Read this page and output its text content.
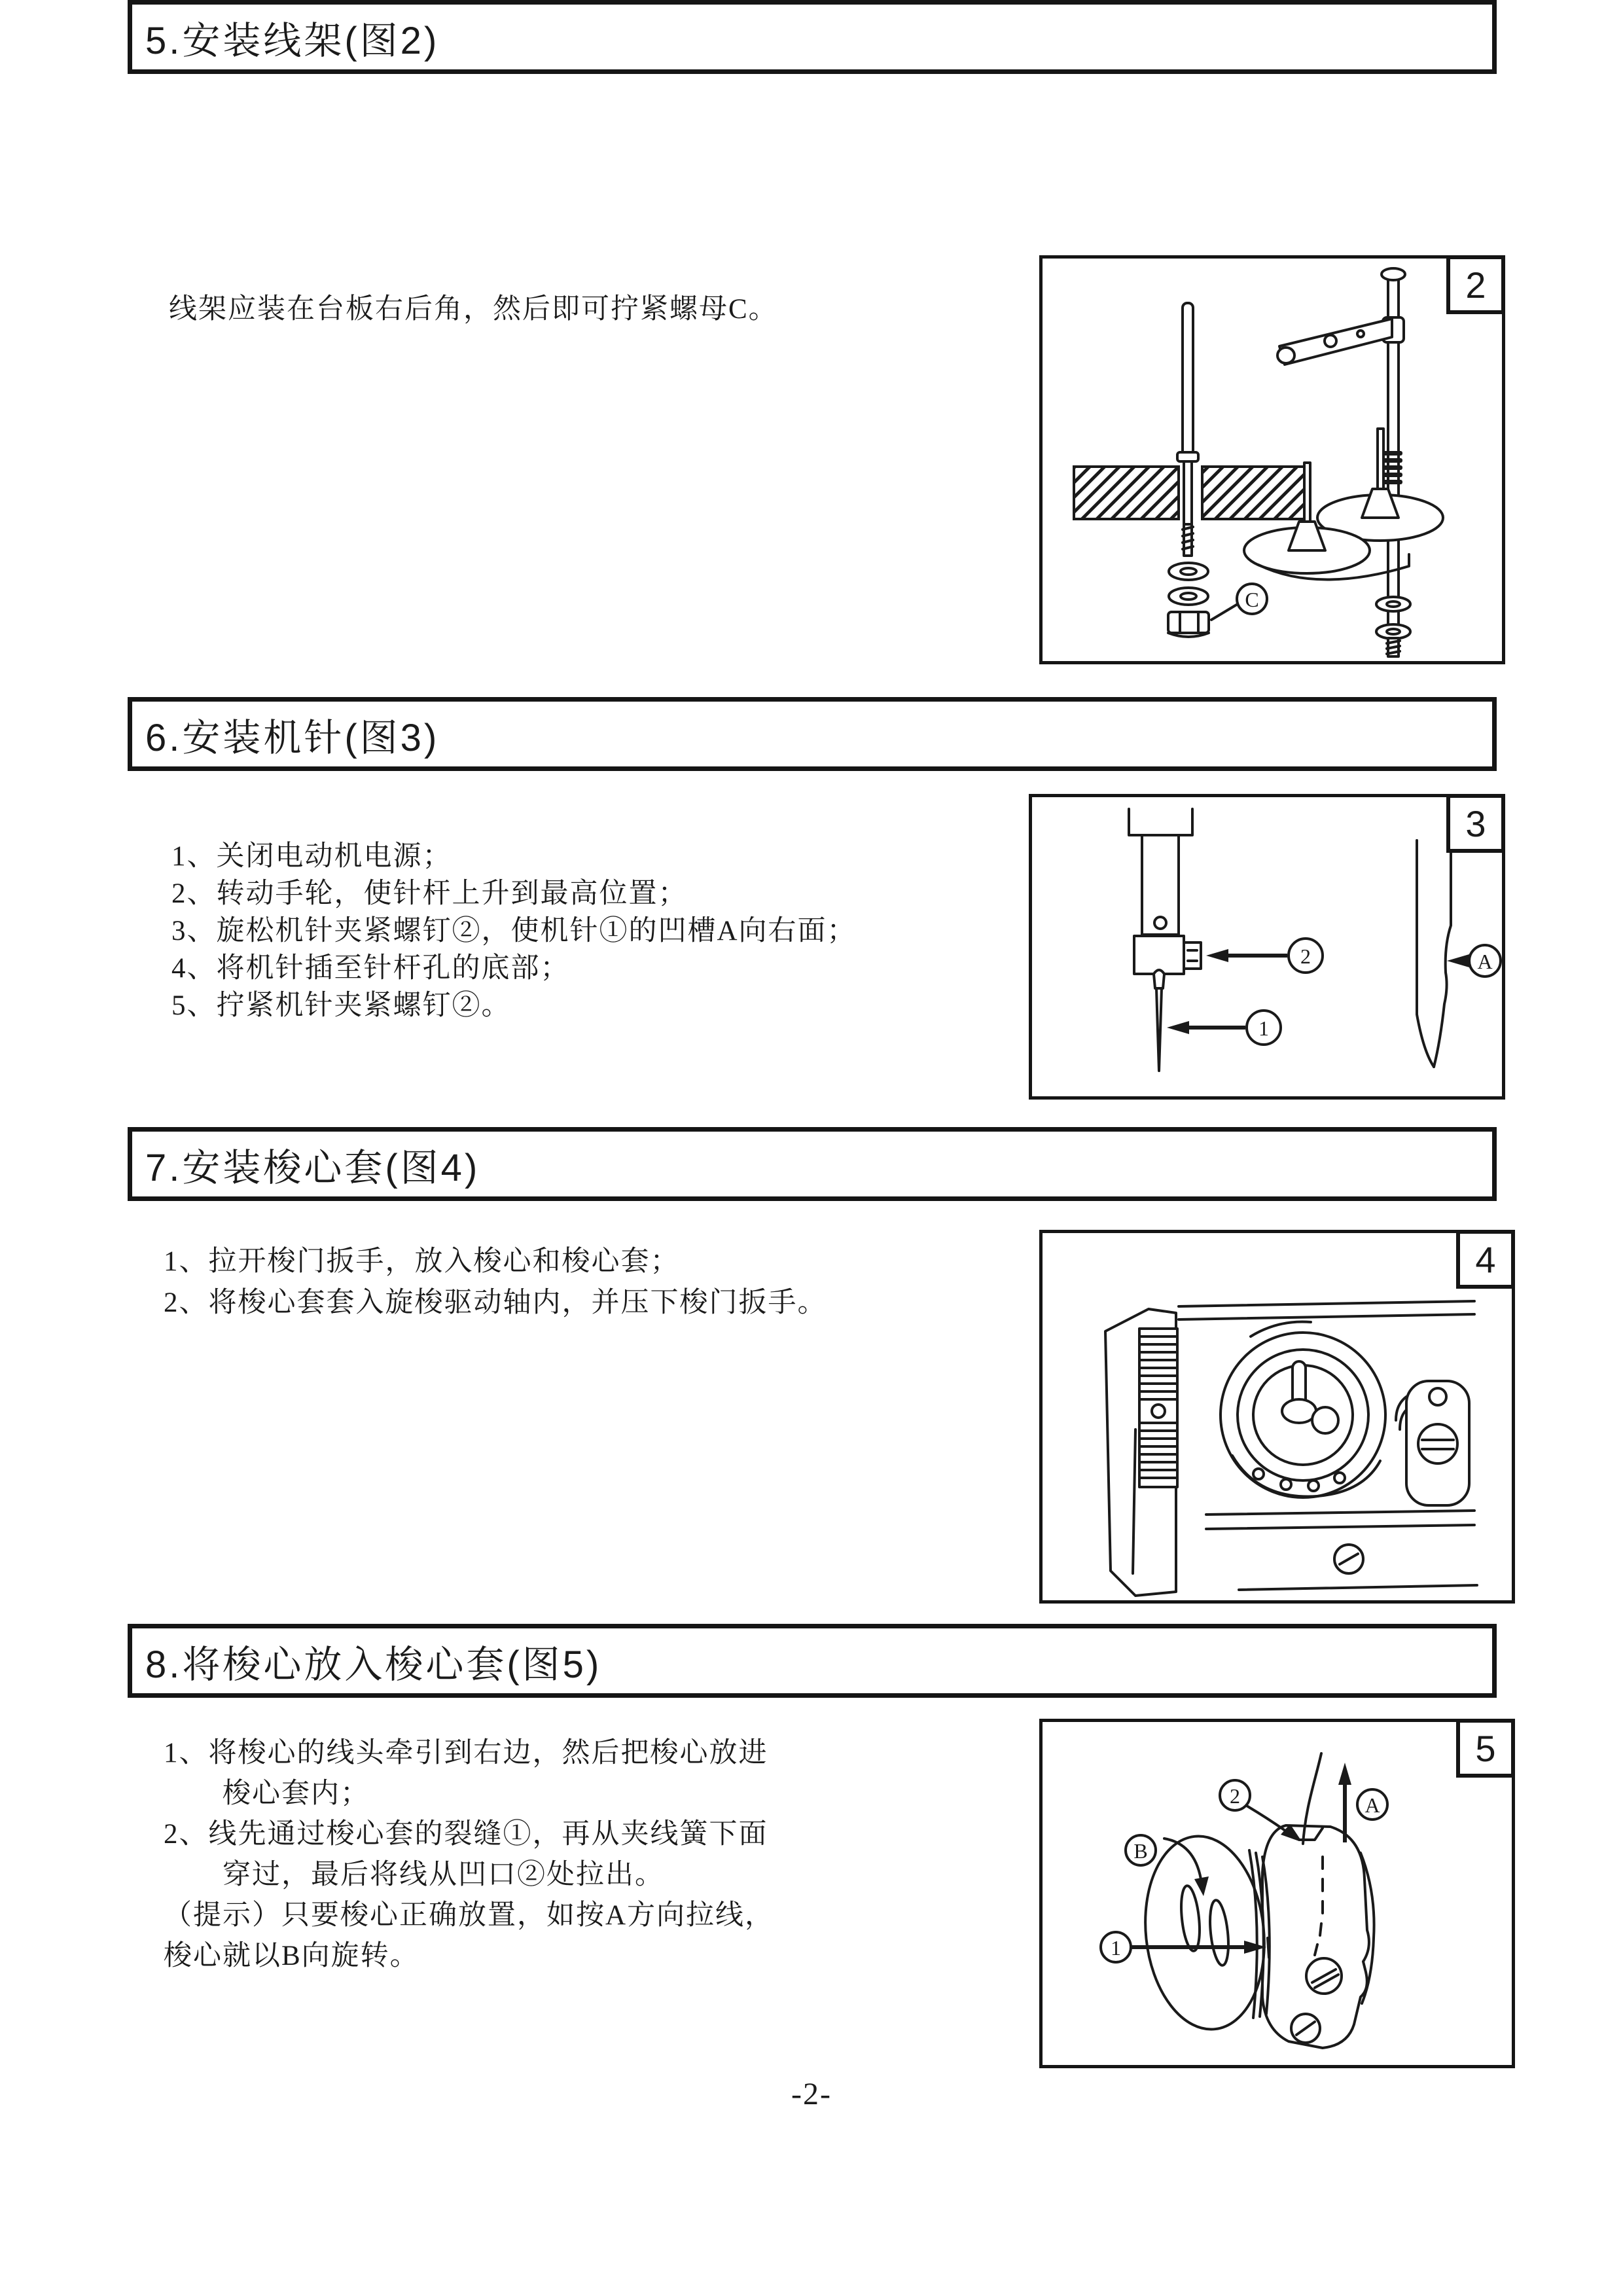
5.安装线架(图2)
线架应装在台板右后角，然后即可拧紧螺母C。
2
C
6.安装机针(图3)
1、关闭电动机电源；
2、转动手轮，使针杆上升到最高位置；
3、旋松机针夹紧螺钉②，使机针①的凹槽A向右面；
4、将机针插至针杆孔的底部；
5、拧紧机针夹紧螺钉②。
3
2
1
A
7.安装梭心套(图4)
1、拉开梭门扳手，放入梭心和梭心套；
2、将梭心套套入旋梭驱动轴内，并压下梭门扳手。
4
8.将梭心放入梭心套(图5)
1、将梭心的线头牵引到右边，然后把梭心放进
　　梭心套内；
2、线先通过梭心套的裂缝①，再从夹线簧下面
　　穿过，最后将线从凹口②处拉出。
（提示）只要梭心正确放置，如按A方向拉线，
梭心就以B向旋转。
5
A
2
B
1
-2-
